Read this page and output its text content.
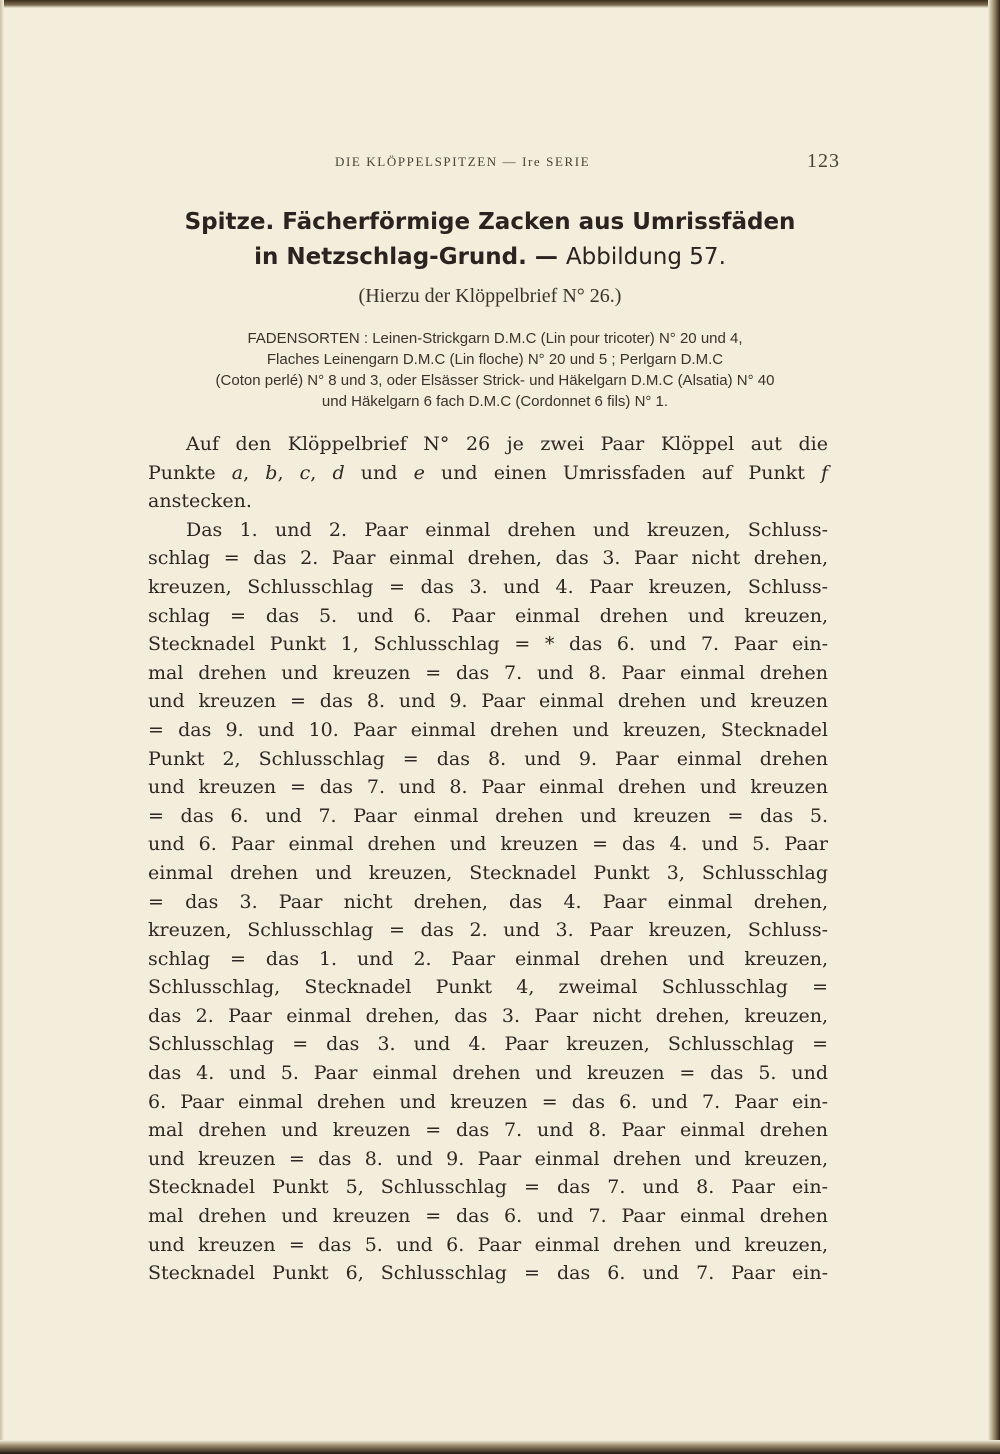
DIE KLÖPPELSPITZEN — Ire SERIE	123
Spitze. Fächerförmige Zacken aus Umrissfäden
in Netzschlag-Grund. — Abbildung 57.
(Hierzu der Klöppelbrief N° 26.)
FADENSORTEN : Leinen-Strickgarn D.M.C (Lin pour tricoter) N° 20 und 4,
Flaches Leinengarn D.M.C (Lin floche) N° 20 und 5 ; Perlgarn D.M.C
(Coton perlé) N° 8 und 3, oder Elsässer Strick- und Häkelgarn D.M.C (Alsatia) N° 40
und Häkelgarn 6 fach D.M.C (Cordonnet 6 fils) N° 1.
Auf den Klöppelbrief N° 26 je zwei Paar Klöppel aut die
Punkte a, b, c, d und e und einen Umrissfaden auf Punkt f
anstecken.
Das 1. und 2. Paar einmal drehen und kreuzen, Schluss-
schlag = das 2. Paar einmal drehen, das 3. Paar nicht drehen,
kreuzen, Schlusschlag = das 3. und 4. Paar kreuzen, Schluss-
schlag = das 5. und 6. Paar einmal drehen und kreuzen,
Stecknadel Punkt 1, Schlusschlag = * das 6. und 7. Paar ein-
mal drehen und kreuzen = das 7. und 8. Paar einmal drehen
und kreuzen = das 8. und 9. Paar einmal drehen und kreuzen
= das 9. und 10. Paar einmal drehen und kreuzen, Stecknadel
Punkt 2, Schlusschlag = das 8. und 9. Paar einmal drehen
und kreuzen = das 7. und 8. Paar einmal drehen und kreuzen
= das 6. und 7. Paar einmal drehen und kreuzen = das 5.
und 6. Paar einmal drehen und kreuzen = das 4. und 5. Paar
einmal drehen und kreuzen, Stecknadel Punkt 3, Schlusschlag
= das 3. Paar nicht drehen, das 4. Paar einmal drehen,
kreuzen, Schlusschlag = das 2. und 3. Paar kreuzen, Schluss-
schlag = das 1. und 2. Paar einmal drehen und kreuzen,
Schlusschlag, Stecknadel Punkt 4, zweimal Schlusschlag =
das 2. Paar einmal drehen, das 3. Paar nicht drehen, kreuzen,
Schlusschlag = das 3. und 4. Paar kreuzen, Schlusschlag =
das 4. und 5. Paar einmal drehen und kreuzen = das 5. und
6. Paar einmal drehen und kreuzen = das 6. und 7. Paar ein-
mal drehen und kreuzen = das 7. und 8. Paar einmal drehen
und kreuzen = das 8. und 9. Paar einmal drehen und kreuzen,
Stecknadel Punkt 5, Schlusschlag = das 7. und 8. Paar ein-
mal drehen und kreuzen = das 6. und 7. Paar einmal drehen
und kreuzen = das 5. und 6. Paar einmal drehen und kreuzen,
Stecknadel Punkt 6, Schlusschlag = das 6. und 7. Paar ein-
